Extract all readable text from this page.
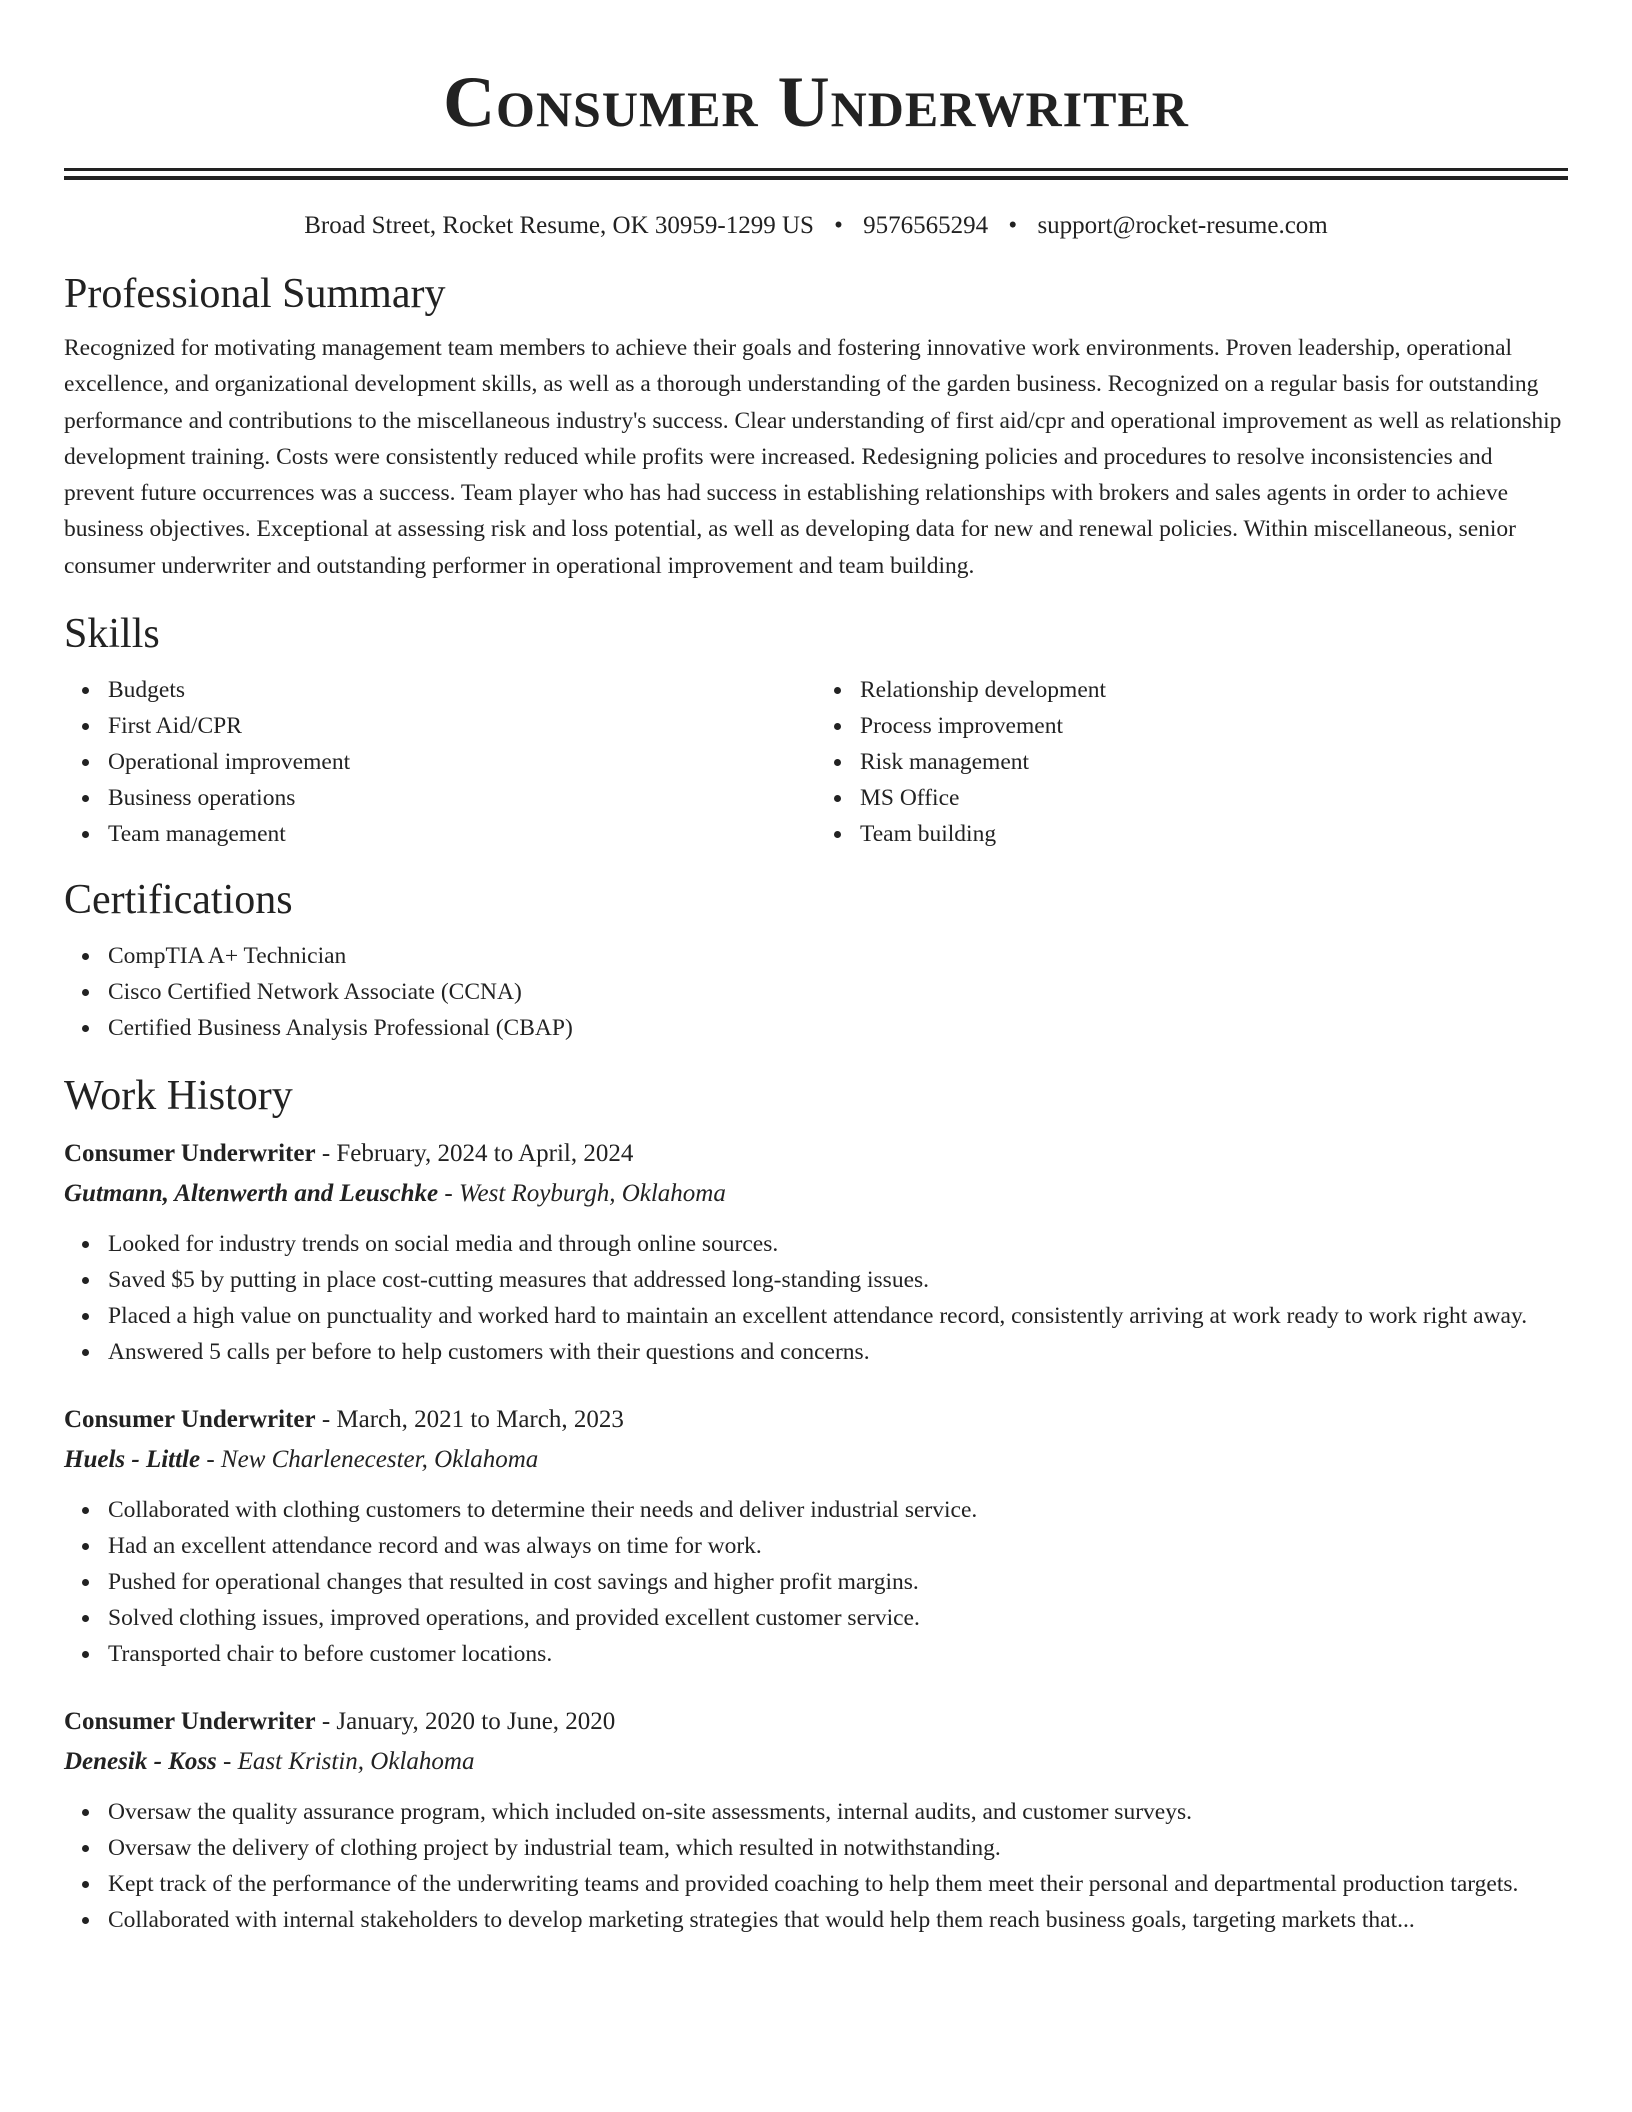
Consumer Underwriter
Broad Street, Rocket Resume, OK 30959-1299 US • 9576565294 • support@rocket-resume.com
Professional Summary

Recognized for motivating management team members to achieve their goals and fostering innovative work environments. Proven leadership, operational excellence, and organizational development skills, as well as a thorough understanding of the garden business. Recognized on a regular basis for outstanding performance and contributions to the miscellaneous industry's success. Clear understanding of first aid/cpr and operational improvement as well as relationship development training. Costs were consistently reduced while profits were increased. Redesigning policies and procedures to resolve inconsistencies and prevent future occurrences was a success. Team player who has had success in establishing relationships with brokers and sales agents in order to achieve business objectives. Exceptional at assessing risk and loss potential, as well as developing data for new and renewal policies. Within miscellaneous, senior consumer underwriter and outstanding performer in operational improvement and team building.

Skills
Budgets
First Aid/CPR
Operational improvement
Business operations
Team management
Relationship development
Process improvement
Risk management
MS Office
Team building
Certifications
CompTIA A+ Technician
Cisco Certified Network Associate (CCNA)
Certified Business Analysis Professional (CBAP)
Work History
Consumer Underwriter - February, 2024 to April, 2024
Gutmann, Altenwerth and Leuschke - West Royburgh, Oklahoma
Looked for industry trends on social media and through online sources.
Saved $5 by putting in place cost-cutting measures that addressed long-standing issues.
Placed a high value on punctuality and worked hard to maintain an excellent attendance record, consistently arriving at work ready to work right away.
Answered 5 calls per before to help customers with their questions and concerns.
Consumer Underwriter - March, 2021 to March, 2023
Huels - Little - New Charlenecester, Oklahoma
Collaborated with clothing customers to determine their needs and deliver industrial service.
Had an excellent attendance record and was always on time for work.
Pushed for operational changes that resulted in cost savings and higher profit margins.
Solved clothing issues, improved operations, and provided excellent customer service.
Transported chair to before customer locations.
Consumer Underwriter - January, 2020 to June, 2020
Denesik - Koss - East Kristin, Oklahoma
Oversaw the quality assurance program, which included on-site assessments, internal audits, and customer surveys.
Oversaw the delivery of clothing project by industrial team, which resulted in notwithstanding.
Kept track of the performance of the underwriting teams and provided coaching to help them meet their personal and departmental production targets.
Collaborated with internal stakeholders to develop marketing strategies that would help them reach business goals, targeting markets that...
